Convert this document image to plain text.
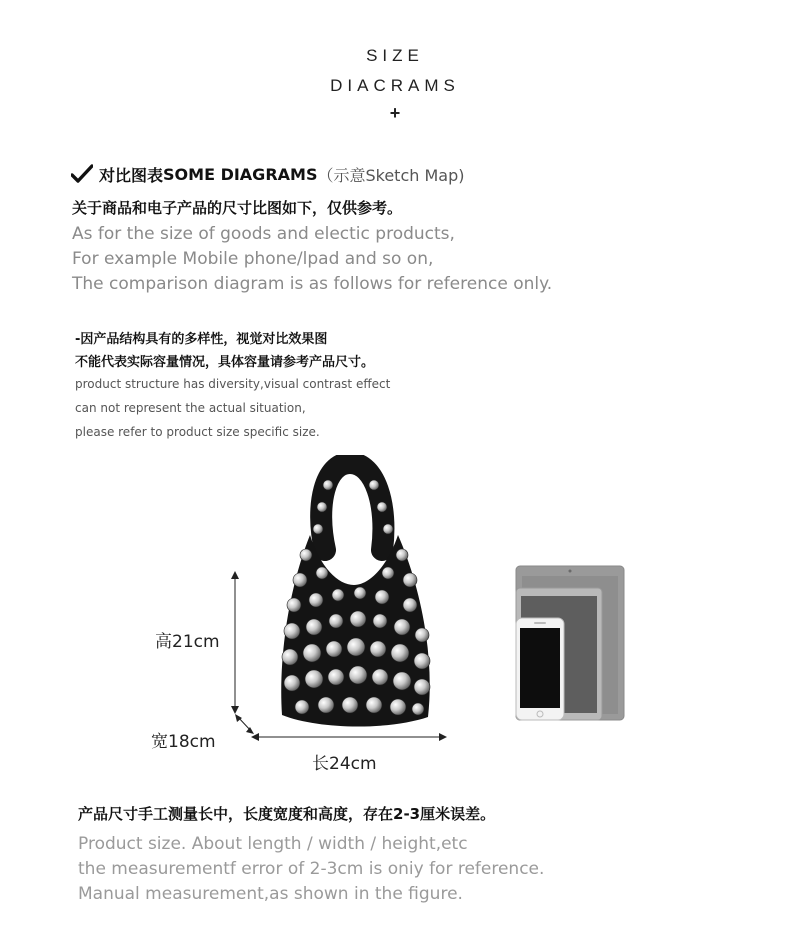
SIZE
DIACRAMS
+
对比图表 SOME DIAGRAMS （示意Sketch Map)
关于商品和电子产品的尺寸比图如下，仅供参考。
As for the size of goods and electic products,
For example Mobile phone/lpad and so on,
The comparison diagram is as follows for reference only.
-因产品结构具有的多样性，视觉对比效果图
不能代表实际容量情况，具体容量请参考产品尺寸。
product structure has diversity,visual contrast effect
can not represent the actual situation,
please refer to product size specific size.
高21cm
宽18cm
长24cm
产品尺寸手工测量长中，长度宽度和高度，存在2-3厘米误差。
Product size. About length / width / height,etc
the measurementf error of 2-3cm is oniy for reference.
Manual measurement,as shown in the figure.
